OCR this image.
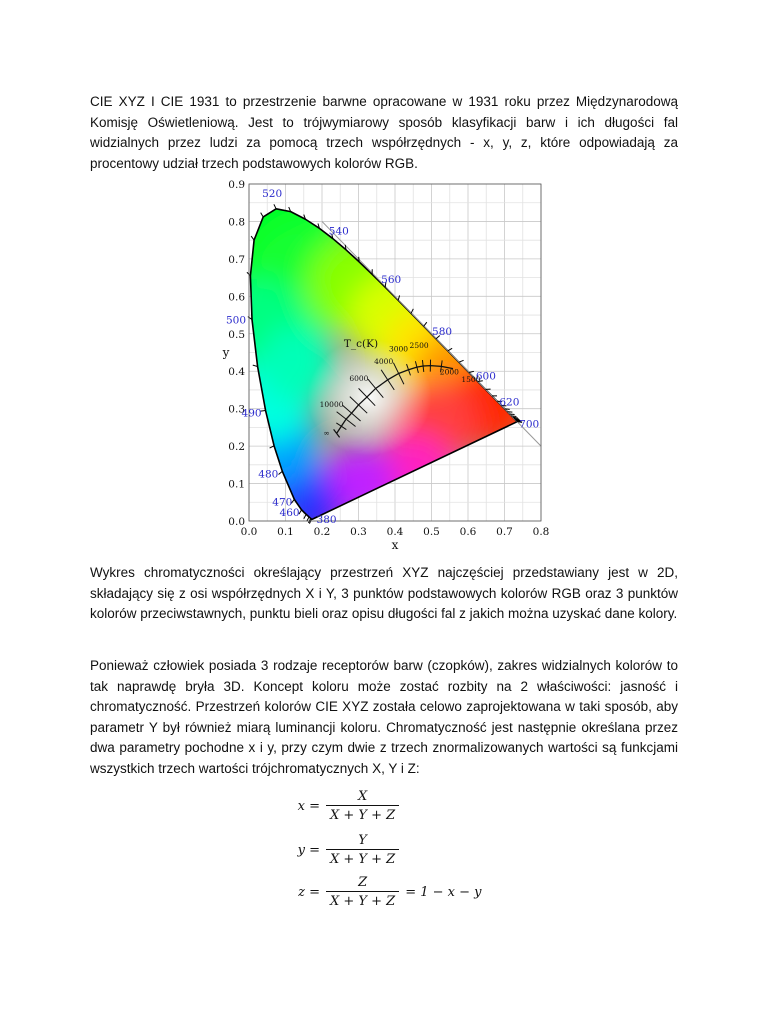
CIE XYZ I CIE 1931 to przestrzenie barwne opracowane w 1931 roku przez Międzynarodową Komisję Oświetleniową. Jest to trójwymiarowy sposób klasyfikacji barw i ich długości fal widzialnych przez ludzi za pomocą trzech współrzędnych - x, y, z, które odpowiadają za procentowy udział trzech podstawowych kolorów RGB.

0.0 0.1 0.2 0.3 0.4 0.5 0.6 0.7 0.8
0.0
0.1
0.2
0.3
0.4
0.5
0.6
0.7
0.8
0.9
x
y
380
460
470
480
490
500
520
540
560
580
600
620
700
T_c(K)
∞
10000
6000
4000
3000 2500
2000
1500

Wykres chromatyczności określający przestrzeń XYZ najczęściej przedstawiany jest w 2D, składający się z osi współrzędnych X i Y, 3 punktów podstawowych kolorów RGB oraz 3 punktów kolorów przeciwstawnych, punktu bieli oraz opisu długości fal z jakich można uzyskać dane kolory.

Ponieważ człowiek posiada 3 rodzaje receptorów barw (czopków), zakres widzialnych kolorów to tak naprawdę bryła 3D. Koncept koloru może zostać rozbity na 2 właściwości: jasność i chromatyczność. Przestrzeń kolorów CIE XYZ została celowo zaprojektowana w taki sposób, aby parametr Y był również miarą luminancji koloru. Chromatyczność jest następnie określana przez dwa parametry pochodne x i y, przy czym dwie z trzech znormalizowanych wartości są funkcjami wszystkich trzech wartości trójchromatycznych X, Y i Z:

$x = \frac{X}{X + Y + Z}$
$y = \frac{Y}{X + Y + Z}$
$z = \frac{Z}{X + Y + Z} = 1 - x - y$
